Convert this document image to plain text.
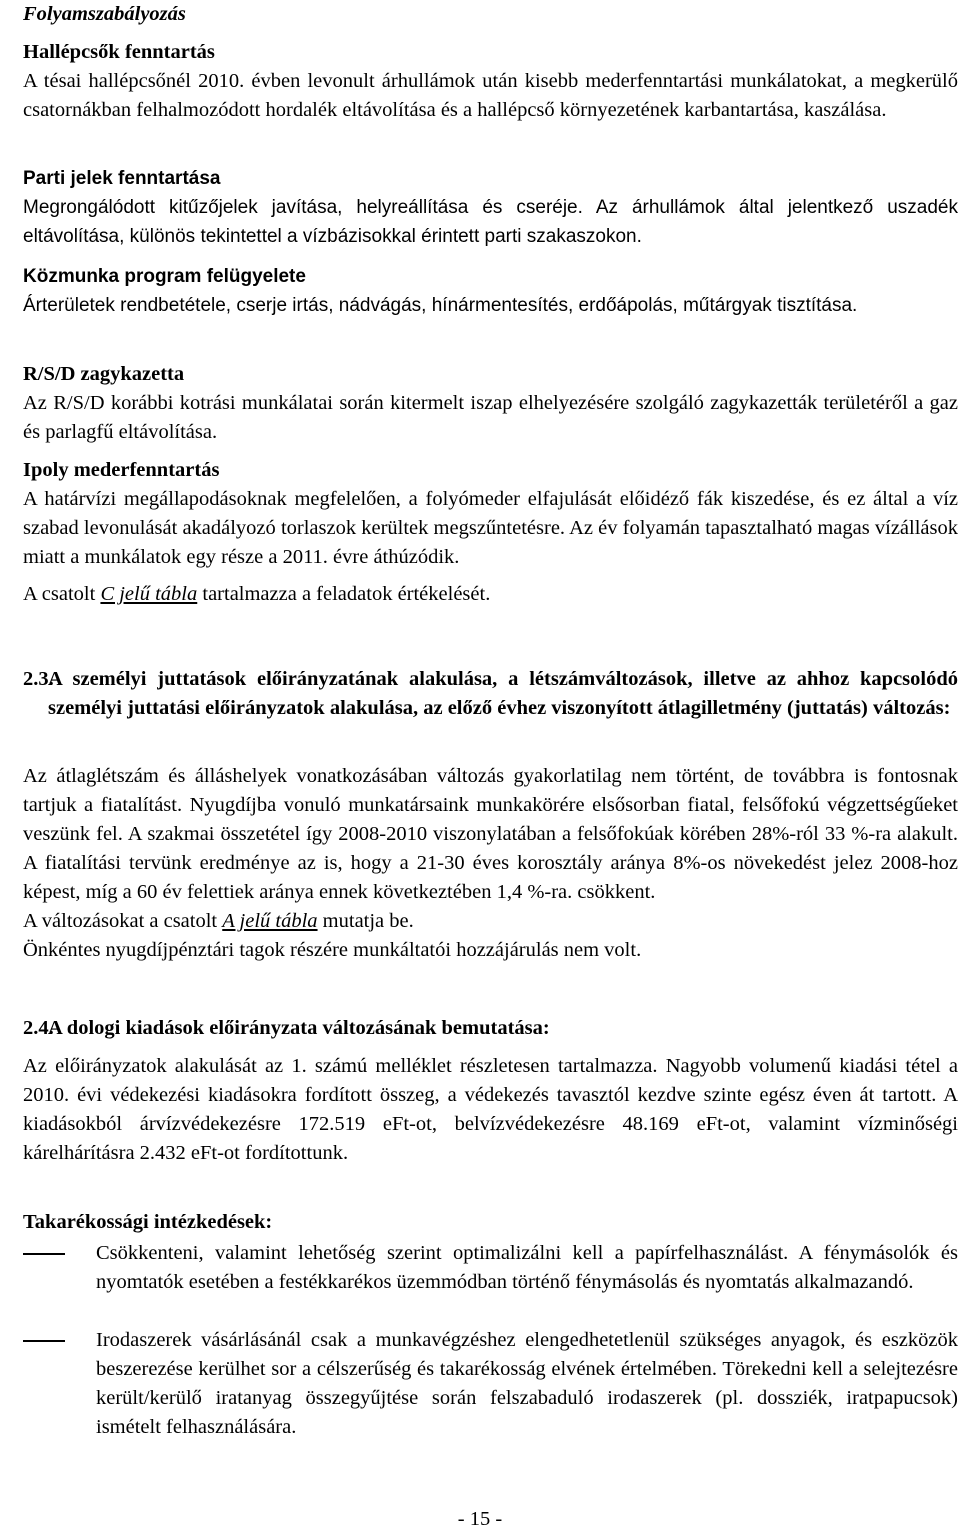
Folyamszabályozás
Hallépcsők fenntartás
A tésai hallépcsőnél 2010. évben levonult árhullámok után kisebb mederfenntartási munkálatokat, a megkerülő csatornákban felhalmozódott hordalék eltávolítása és a hallépcső környezetének karbantartása, kaszálása.
Parti jelek fenntartása
Megrongálódott kitűzőjelek javítása, helyreállítása és cseréje. Az árhullámok által jelentkező uszadék eltávolítása, különös tekintettel a vízbázisokkal érintett parti szakaszokon.
Közmunka program felügyelete
Árterületek rendbetétele, cserje irtás, nádvágás, hínármentesítés, erdőápolás, műtárgyak tisztítása.
R/S/D zagykazetta
Az R/S/D korábbi kotrási munkálatai során kitermelt iszap elhelyezésére szolgáló zagykazetták területéről a gaz és parlagfű eltávolítása.
Ipoly mederfenntartás
A határvízi megállapodásoknak megfelelően, a folyómeder elfajulását előidéző fák kiszedése, és ez által a víz szabad levonulását akadályozó torlaszok kerültek megszűntetésre. Az év folyamán tapasztalható magas vízállások miatt a munkálatok egy része a 2011. évre áthúzódik.
A csatolt C jelű tábla tartalmazza a feladatok értékelését.
2.3.
A személyi juttatások előirányzatának alakulása, a létszámváltozások, illetve az ahhoz kapcsolódó személyi juttatási előirányzatok alakulása, az előző évhez viszonyított átlagilletmény (juttatás) változás:
Az átlaglétszám és álláshelyek vonatkozásában változás gyakorlatilag nem történt, de továbbra is fontosnak tartjuk a fiatalítást. Nyugdíjba vonuló munkatársaink munkakörére elsősorban fiatal, felsőfokú végzettségűeket veszünk fel. A szakmai összetétel így 2008-2010 viszonylatában a felsőfokúak körében 28%-ról 33 %-ra alakult. A fiatalítási tervünk eredménye az is, hogy a 21-30 éves korosztály aránya 8%-os növekedést jelez 2008-hoz képest, míg a 60 év felettiek aránya ennek következtében 1,4 %-ra. csökkent.
A változásokat a csatolt A jelű tábla mutatja be.
Önkéntes nyugdíjpénztári tagok részére munkáltatói hozzájárulás nem volt.
2.4.
A dologi kiadások előirányzata változásának bemutatása:
Az előirányzatok alakulását az 1. számú melléklet részletesen tartalmazza. Nagyobb volumenű kiadási tétel a 2010. évi védekezési kiadásokra fordított összeg, a védekezés tavasztól kezdve szinte egész éven át tartott. A kiadásokból árvízvédekezésre 172.519 eFt-ot, belvízvédekezésre 48.169 eFt-ot, valamint vízminőségi kárelhárításra 2.432 eFt-ot fordítottunk.
Takarékossági intézkedések:
Csökkenteni, valamint lehetőség szerint optimalizálni kell a papírfelhasználást. A fénymásolók és nyomtatók esetében a festékkarékos üzemmódban történő fénymásolás és nyomtatás alkalmazandó.
Irodaszerek vásárlásánál csak a munkavégzéshez elengedhetetlenül szükséges anyagok, és eszközök beszerezése kerülhet sor a célszerűség és takarékosság elvének értelmében. Törekedni kell a selejtezésre került/kerülő iratanyag összegyűjtése során felszabaduló irodaszerek (pl. dossziék, iratpapucsok) ismételt felhasználására.
- 15 -
